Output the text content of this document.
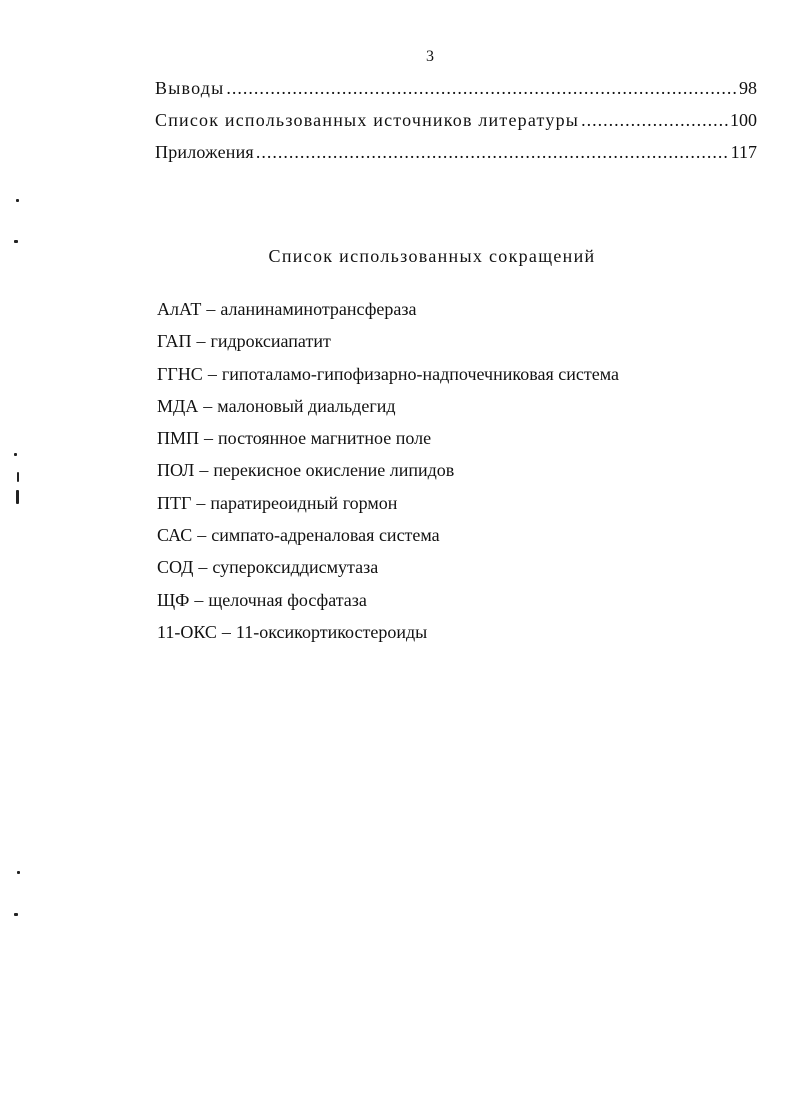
3
Выводы .....	98
Список использованных источников литературы .....	100
Приложения .....	117
Список использованных сокращений
АлАТ – аланинаминотрансфераза
ГАП – гидроксиапатит
ГГНС – гипоталамо-гипофизарно-надпочечниковая система
МДА – малоновый диальдегид
ПМП – постоянное магнитное поле
ПОЛ – перекисное окисление липидов
ПТГ – паратиреоидный гормон
САС – симпато-адреналовая система
СОД – супероксиддисмутаза
ЩФ – щелочная фосфатаза
11-ОКС – 11-оксикортикостероиды
